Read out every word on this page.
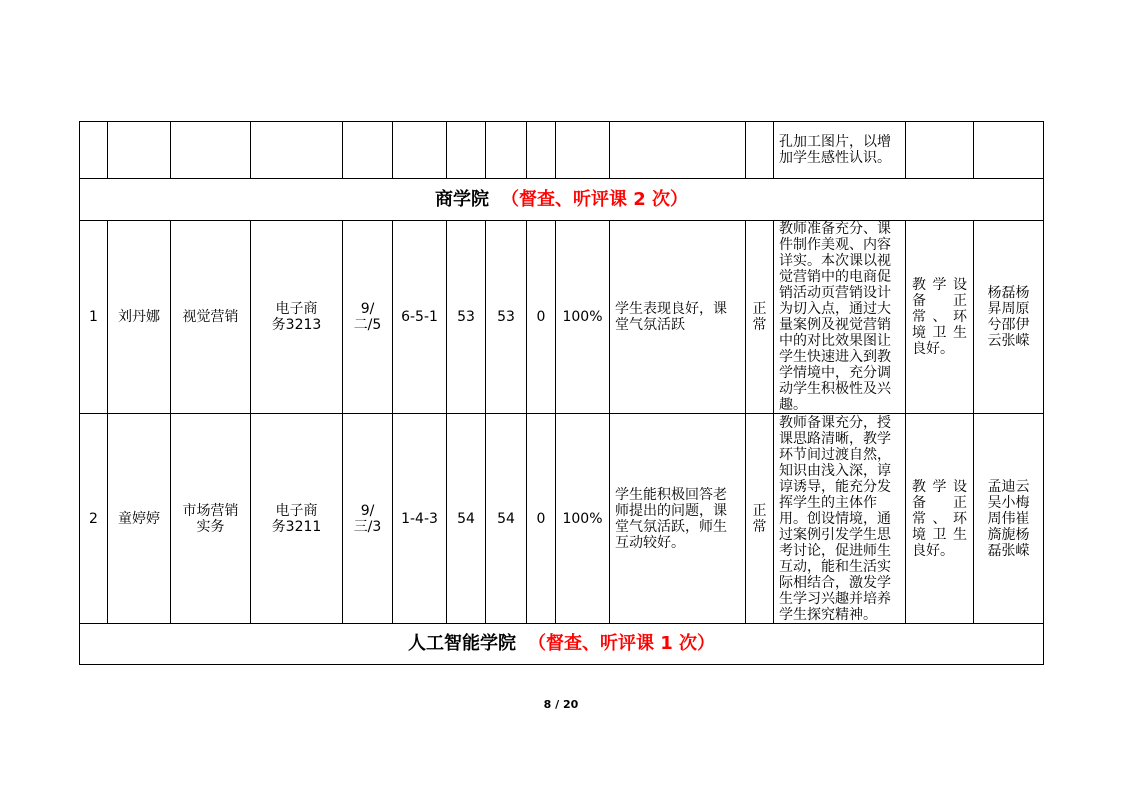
												孔加工图片，以增加学生感性认识。		
商学院 （督查、听评课 2 次）														
1	刘丹娜	视觉营销	电子商务3213	9/二/5	6-5-1	53	53	0	100%	学生表现良好，课堂气氛活跃	正常	教师准备充分、课件制作美观、内容详实。本次课以视觉营销中的电商促销活动页营销设计为切入点，通过大量案例及视觉营销中的对比效果图让学生快速进入到教学情境中，充分调动学生积极性及兴趣。	教学设备正常、环境卫生良好。	杨磊杨昇周原兮邵伊云张嵘
2	童婷婷	市场营销实务	电子商务3211	9/三/3	1-4-3	54	54	0	100%	学生能积极回答老师提出的问题，课堂气氛活跃，师生互动较好。	正常	教师备课充分，授课思路清晰，教学环节间过渡自然，知识由浅入深，谆谆诱导，能充分发挥学生的主体作用。创设情境，通过案例引发学生思考讨论，促进师生互动，能和生活实际相结合，激发学生学习兴趣并培养学生探究精神。	教学设备正常、环境卫生良好。	孟迪云吴小梅周伟崔旖旎杨磊张嵘
人工智能学院 （督查、听评课 1 次）														
8 / 20
